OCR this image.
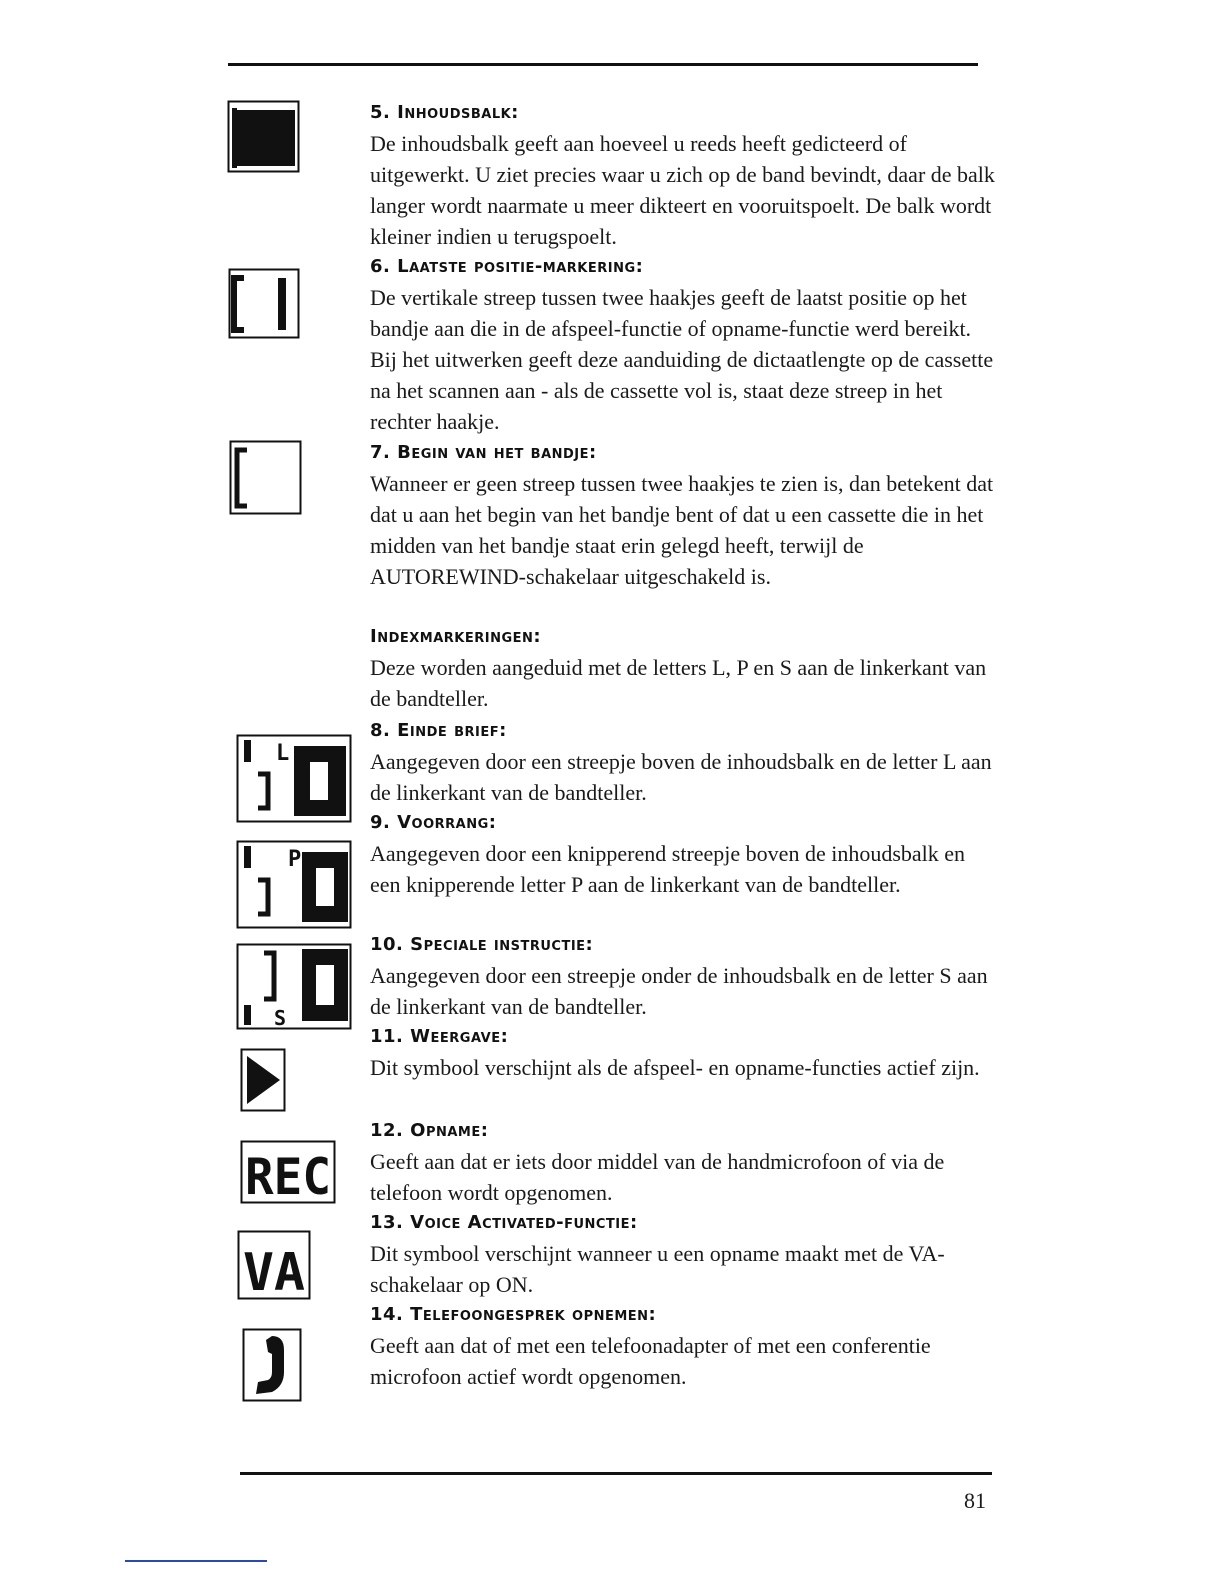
L
P
S
REC
VA
5. Inhoudsbalk:
De inhoudsbalk geeft aan hoeveel u reeds heeft gedicteerd of uitgewerkt. U ziet precies waar u zich op de band bevindt, daar de balk langer wordt naarmate u meer dikteert en vooruitspoelt. De balk wordt kleiner indien u terugspoelt.
6. Laatste positie-markering:
De vertikale streep tussen twee haakjes geeft de laatst positie op het bandje aan die in de afspeel-functie of opname-functie werd bereikt. Bij het uitwerken geeft deze aanduiding de dictaatlengte op de cassette na het scannen aan - als de cassette vol is, staat deze streep in het rechter haakje.
7. Begin van het bandje:
Wanneer er geen streep tussen twee haakjes te zien is, dan betekent dat dat u aan het begin van het bandje bent of dat u een cassette die in het midden van het bandje staat erin gelegd heeft, terwijl de AUTOREWIND-schakelaar uitgeschakeld is.
Indexmarkeringen:
Deze worden aangeduid met de letters L, P en S aan de linkerkant van de bandteller.
8. Einde brief:
Aangegeven door een streepje boven de inhoudsbalk en de letter L aan de linkerkant van de bandteller.
9. Voorrang:
Aangegeven door een knipperend streepje boven de inhoudsbalk en een knipperende letter P aan de linkerkant van de bandteller.
10. Speciale instructie:
Aangegeven door een streepje onder de inhoudsbalk en de letter S aan de linkerkant van de bandteller.
11. Weergave:
Dit symbool verschijnt als de afspeel- en opname-functies actief zijn.
12. Opname:
Geeft aan dat er iets door middel van de handmicrofoon of via de telefoon wordt opgenomen.
13. Voice Activated-functie:
Dit symbool verschijnt wanneer u een opname maakt met de VA-schakelaar op ON.
14. Telefoongesprek opnemen:
Geeft aan dat of met een telefoonadapter of met een conferentie microfoon actief wordt opgenomen.
81
